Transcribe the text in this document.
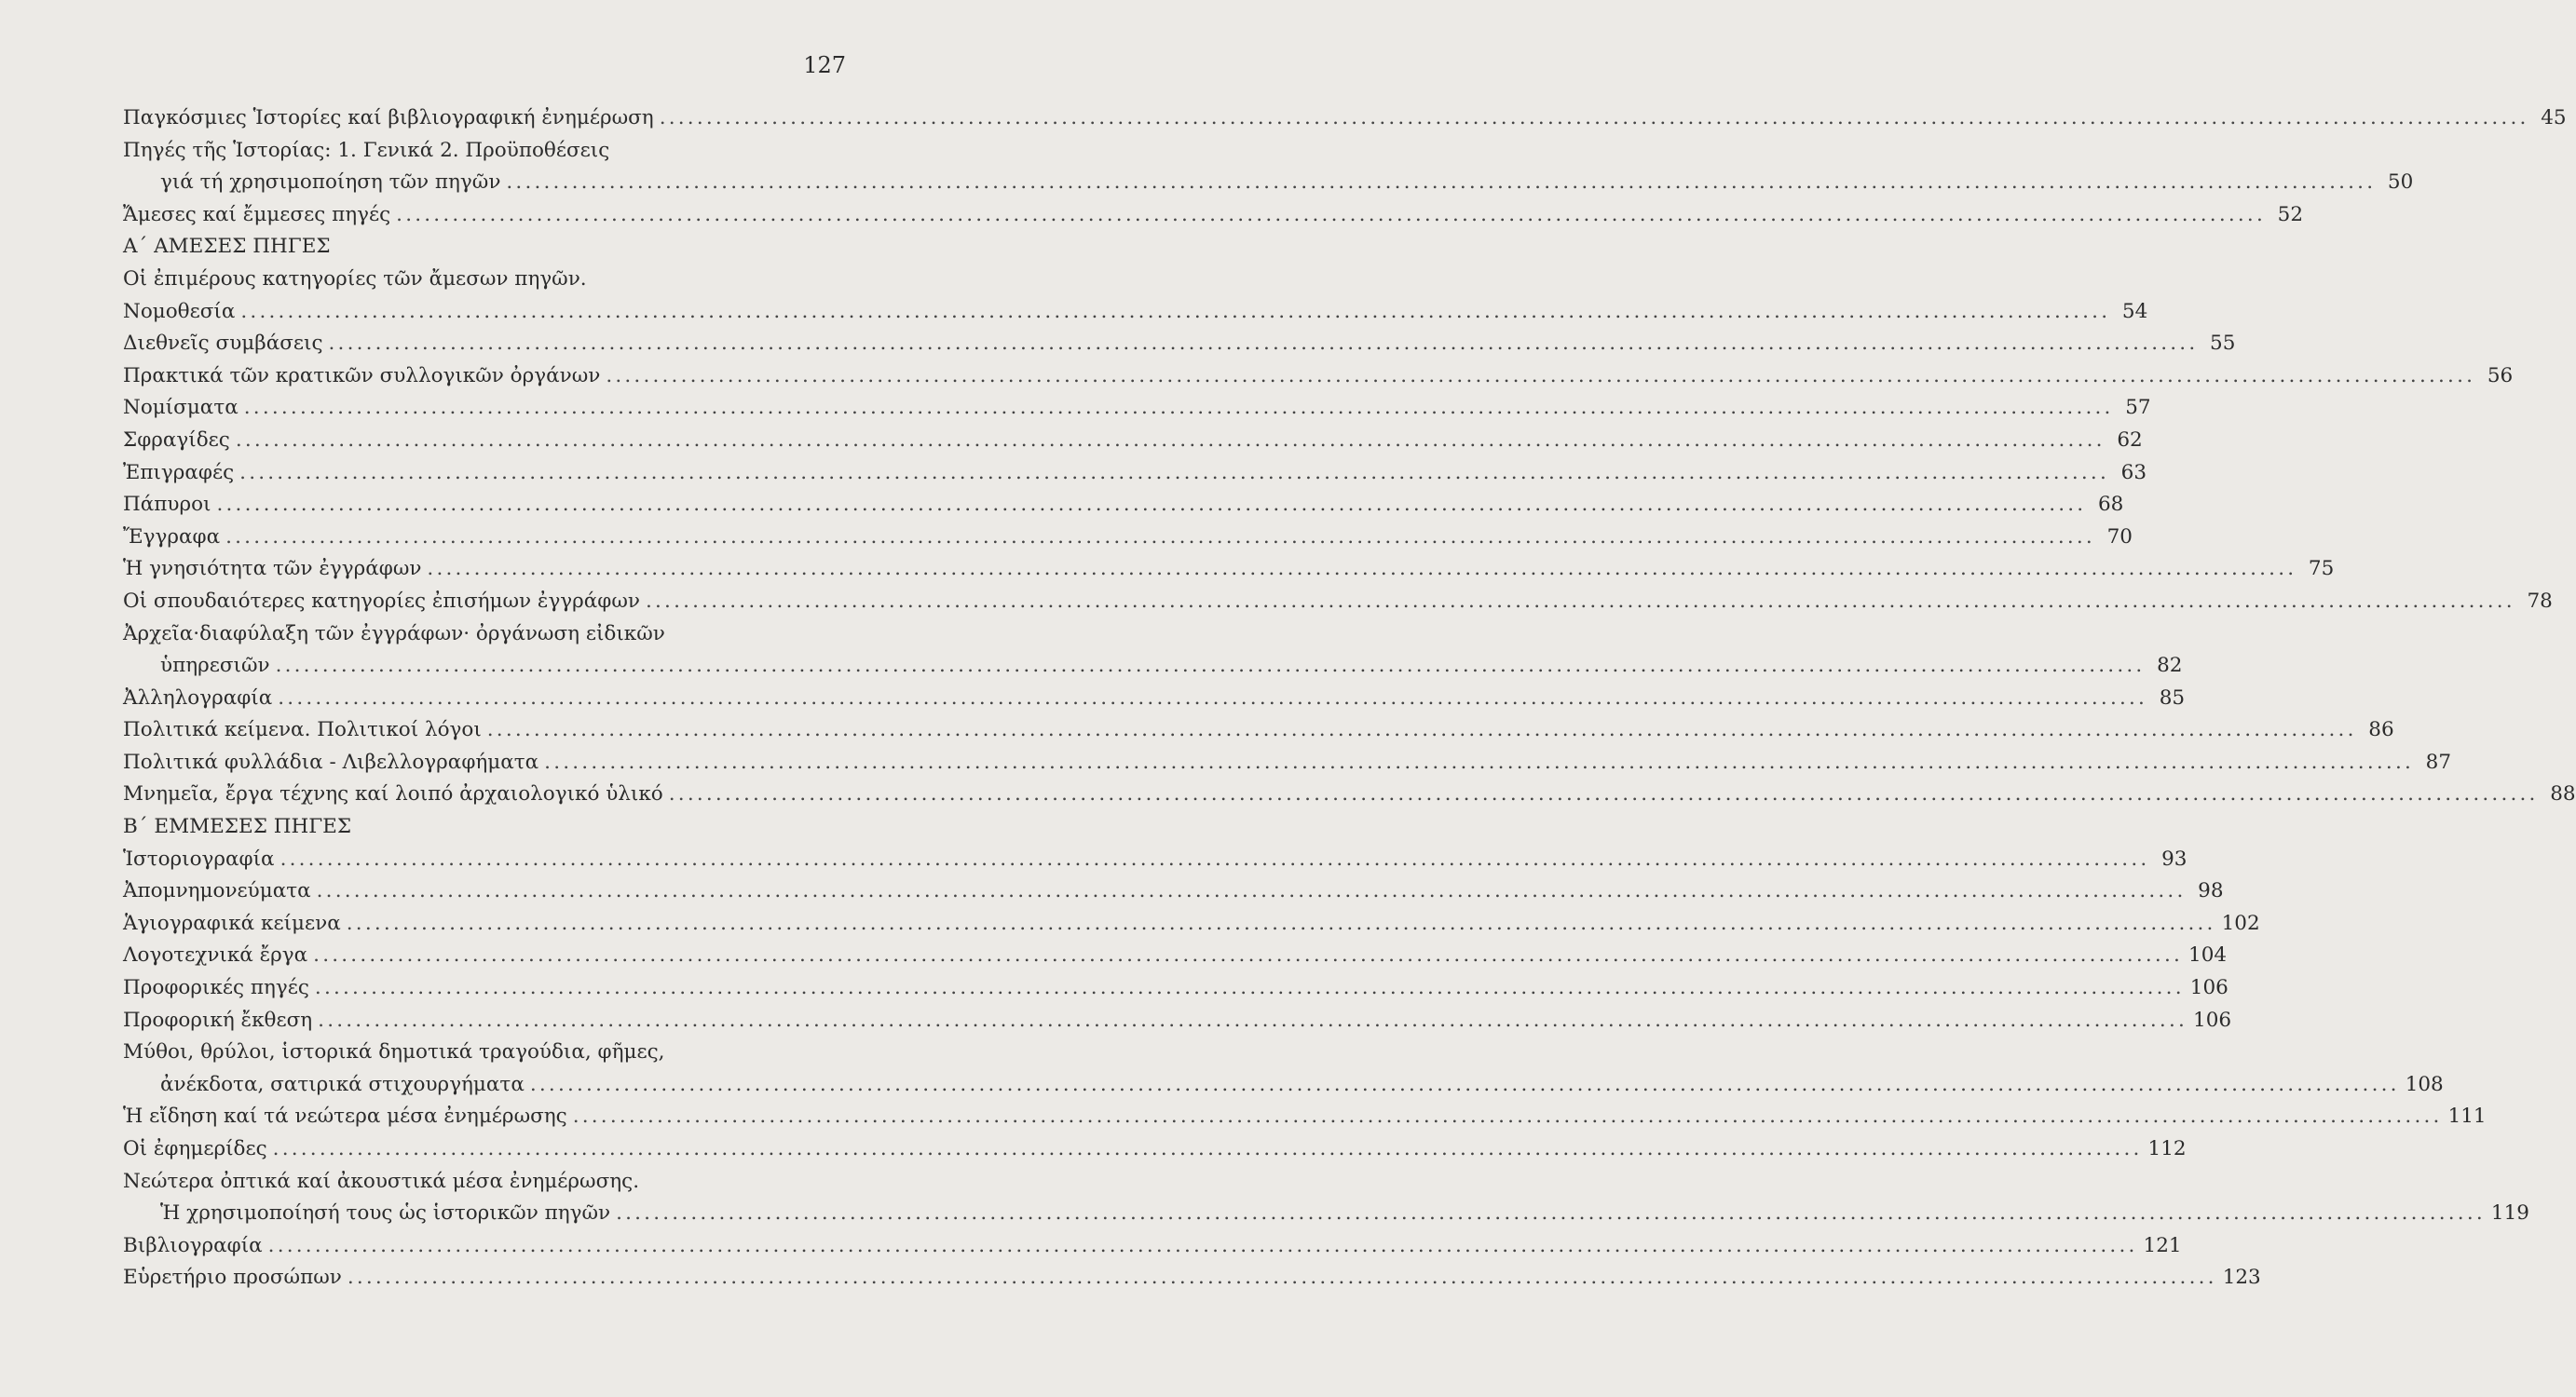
127
Παγκόσμιες Ἱστορίες καί βιβλιογραφική ἐνημέρωση ........................................................................................................................................................................................................ 45
Πηγές τῆς Ἱστορίας: 1. Γενικά 2. Προϋποθέσεις
γιά τή χρησιμοποίηση τῶν πηγῶν ........................................................................................................................................................................................................ 50
Ἄμεσες καί ἔμμεσες πηγές ........................................................................................................................................................................................................ 52
Α΄ ΑΜΕΣΕΣ ΠΗΓΕΣ
Οἱ ἐπιμέρους κατηγορίες τῶν ἄμεσων πηγῶν.
Νομοθεσία ........................................................................................................................................................................................................ 54
Διεθνεῖς συμβάσεις ........................................................................................................................................................................................................ 55
Πρακτικά τῶν κρατικῶν συλλογικῶν ὀργάνων ........................................................................................................................................................................................................ 56
Νομίσματα ........................................................................................................................................................................................................ 57
Σφραγίδες ........................................................................................................................................................................................................ 62
Ἐπιγραφές ........................................................................................................................................................................................................ 63
Πάπυροι ........................................................................................................................................................................................................ 68
Ἔγγραφα ........................................................................................................................................................................................................ 70
Ἡ γνησιότητα τῶν ἐγγράφων ........................................................................................................................................................................................................ 75
Οἱ σπουδαιότερες κατηγορίες ἐπισήμων ἐγγράφων ........................................................................................................................................................................................................ 78
Ἀρχεῖα·διαφύλαξη τῶν ἐγγράφων· ὀργάνωση εἰδικῶν
ὑπηρεσιῶν ........................................................................................................................................................................................................ 82
Ἀλληλογραφία ........................................................................................................................................................................................................ 85
Πολιτικά κείμενα. Πολιτικοί λόγοι ........................................................................................................................................................................................................ 86
Πολιτικά φυλλάδια - Λιβελλογραφήματα ........................................................................................................................................................................................................ 87
Μνημεῖα, ἔργα τέχνης καί λοιπό ἀρχαιολογικό ὑλικό ........................................................................................................................................................................................................ 88
Β΄ ΕΜΜΕΣΕΣ ΠΗΓΕΣ
Ἱστοριογραφία ........................................................................................................................................................................................................ 93
Ἀπομνημονεύματα ........................................................................................................................................................................................................ 98
Ἁγιογραφικά κείμενα ........................................................................................................................................................................................................ 102
Λογοτεχνικά ἔργα ........................................................................................................................................................................................................ 104
Προφορικές πηγές ........................................................................................................................................................................................................ 106
Προφορική ἔκθεση ........................................................................................................................................................................................................ 106
Μύθοι, θρύλοι, ἱστορικά δημοτικά τραγούδια, φῆμες,
ἀνέκδοτα, σατιρικά στιχουργήματα ........................................................................................................................................................................................................ 108
Ἡ εἴδηση καί τά νεώτερα μέσα ἐνημέρωσης ........................................................................................................................................................................................................ 111
Οἱ ἐφημερίδες ........................................................................................................................................................................................................ 112
Νεώτερα ὀπτικά καί ἀκουστικά μέσα ἐνημέρωσης.
Ἡ χρησιμοποίησή τους ὡς ἱστορικῶν πηγῶν ........................................................................................................................................................................................................ 119
Βιβλιογραφία ........................................................................................................................................................................................................ 121
Εὑρετήριο προσώπων ........................................................................................................................................................................................................ 123
